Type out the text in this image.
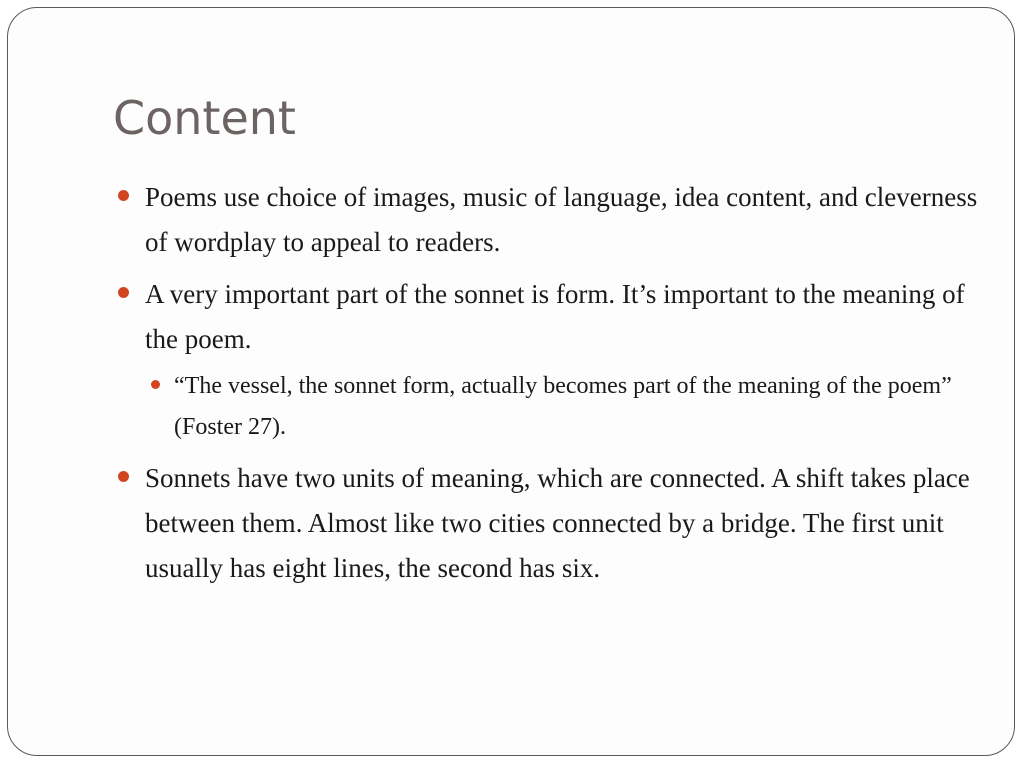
Content
Poems use choice of images, music of language, idea content, and cleverness of wordplay to appeal to readers.
A very important part of the sonnet is form. It’s important to the meaning of the poem.
“The vessel, the sonnet form, actually becomes part of the meaning of the poem” (Foster 27).
Sonnets have two units of meaning, which are connected. A shift takes place between them. Almost like two cities connected by a bridge. The first unit usually has eight lines, the second has six.
